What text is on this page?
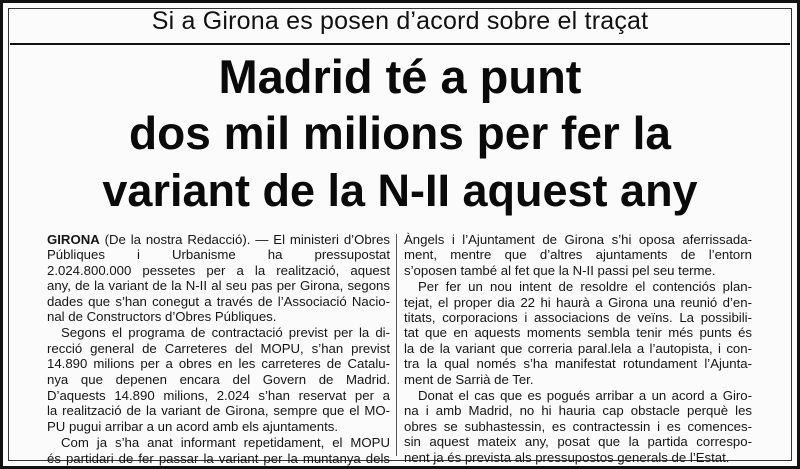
Si a Girona es posen d’acord sobre el traçat
Madrid té a punt
dos mil milions per fer la
variant de la N-II aquest any

GIRONA (De la nostra Redacció). — El ministeri d’Obres
Públiques i Urbanisme ha pressupostat
2.024.800.000 pessetes per a la realització, aquest
any, de la variant de la N-II al seu pas per Girona, segons
dades que s’han conegut a través de l’Associació Nacio-
nal de Constructors d’Obres Públiques.

Segons el programa de contractació previst per la di-
recció general de Carreteres del MOPU, s’han previst
14.890 milions per a obres en les carreteres de Catalu-
nya que depenen encara del Govern de Madrid.

D’aquests 14.890 milions, 2.024 s’han reservat per a
la realització de la variant de Girona, sempre que el MO-
PU pugui arribar a un acord amb els ajuntaments.

Com ja s’ha anat informant repetidament, el MOPU
és partidari de fer passar la variant per la muntanya dels

Àngels i l’Ajuntament de Girona s’hi oposa aferrissada-
ment, mentre que d’altres ajuntaments de l’entorn
s’oposen també al fet que la N-II passi pel seu terme.

Per fer un nou intent de resoldre el contenciós plan-
tejat, el proper dia 22 hi haurà a Girona una reunió d’en-
titats, corporacions i associacions de veïns. La possibili-
tat que en aquests moments sembla tenir més punts és
la de la variant que correria paral.lela a l’autopista, i con-
tra la qual només s’ha manifestat rotundament l’Ajunta-
ment de Sarrià de Ter.

Donat el cas que es pogués arribar a un acord a Giro-
na i amb Madrid, no hi hauria cap obstacle perquè les
obres se subhastessin, es contractessin i es comences-
sin aquest mateix any, posat que la partida correspo-
nent ja és prevista als pressupostos generals de l’Estat.
